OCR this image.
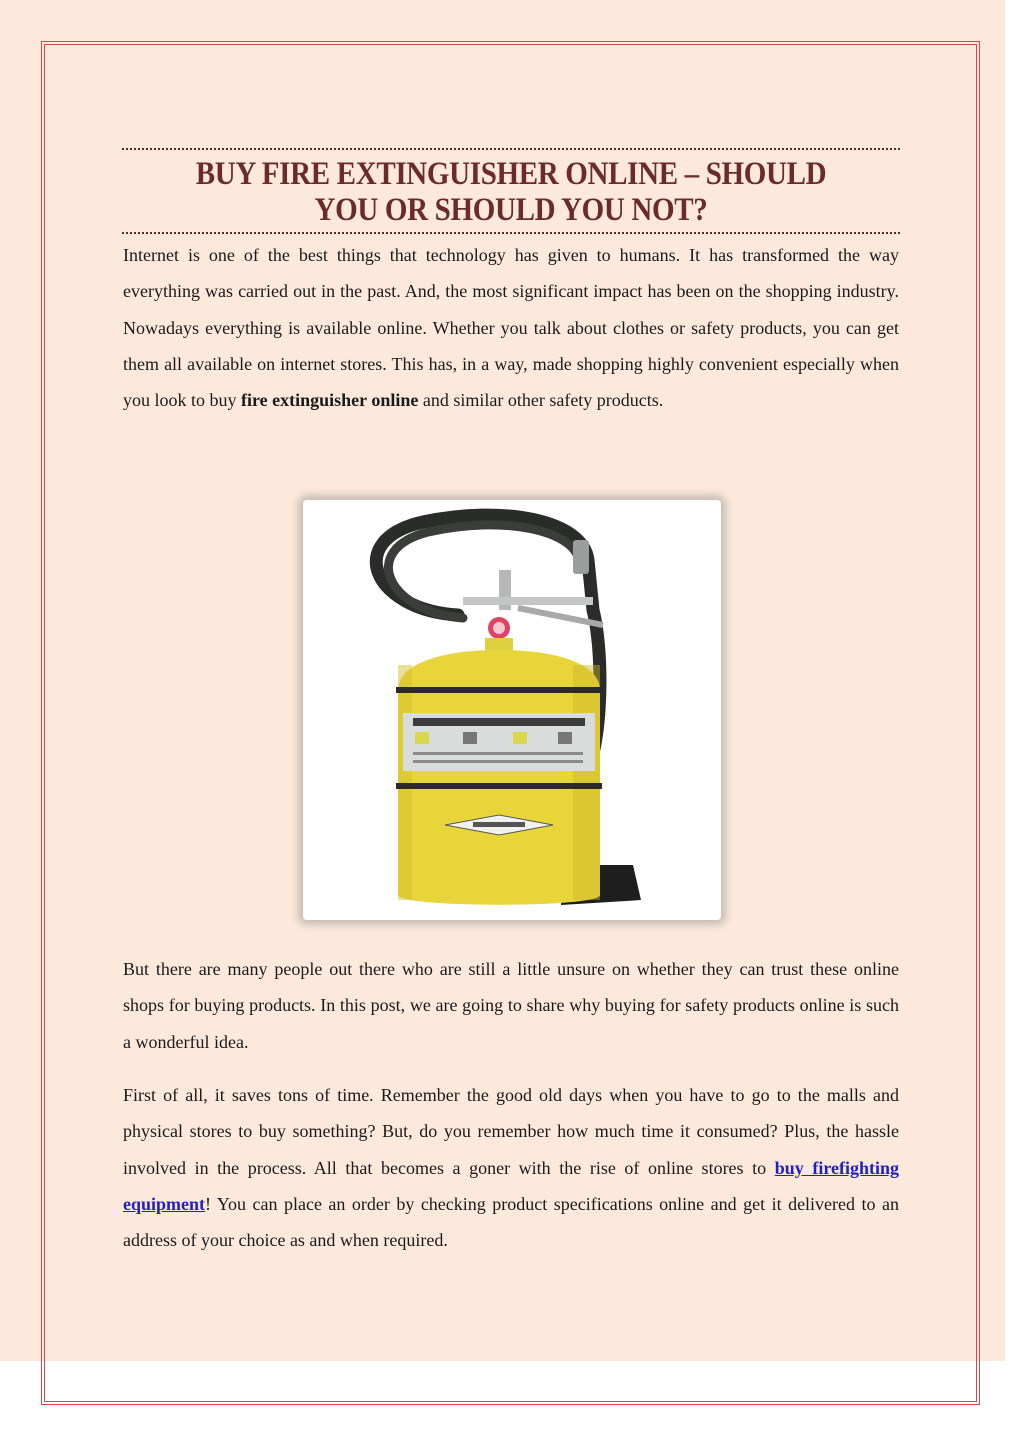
BUY FIRE EXTINGUISHER ONLINE – SHOULD YOU OR SHOULD YOU NOT?

Internet is one of the best things that technology has given to humans. It has transformed the way everything was carried out in the past. And, the most significant impact has been on the shopping industry. Nowadays everything is available online. Whether you talk about clothes or safety products, you can get them all available on internet stores. This has, in a way, made shopping highly convenient especially when you look to buy fire extinguisher online and similar other safety products.

But there are many people out there who are still a little unsure on whether they can trust these online shops for buying products. In this post, we are going to share why buying for safety products online is such a wonderful idea.

First of all, it saves tons of time. Remember the good old days when you have to go to the malls and physical stores to buy something? But, do you remember how much time it consumed? Plus, the hassle involved in the process. All that becomes a goner with the rise of online stores to buy firefighting equipment! You can place an order by checking product specifications online and get it delivered to an address of your choice as and when required.
